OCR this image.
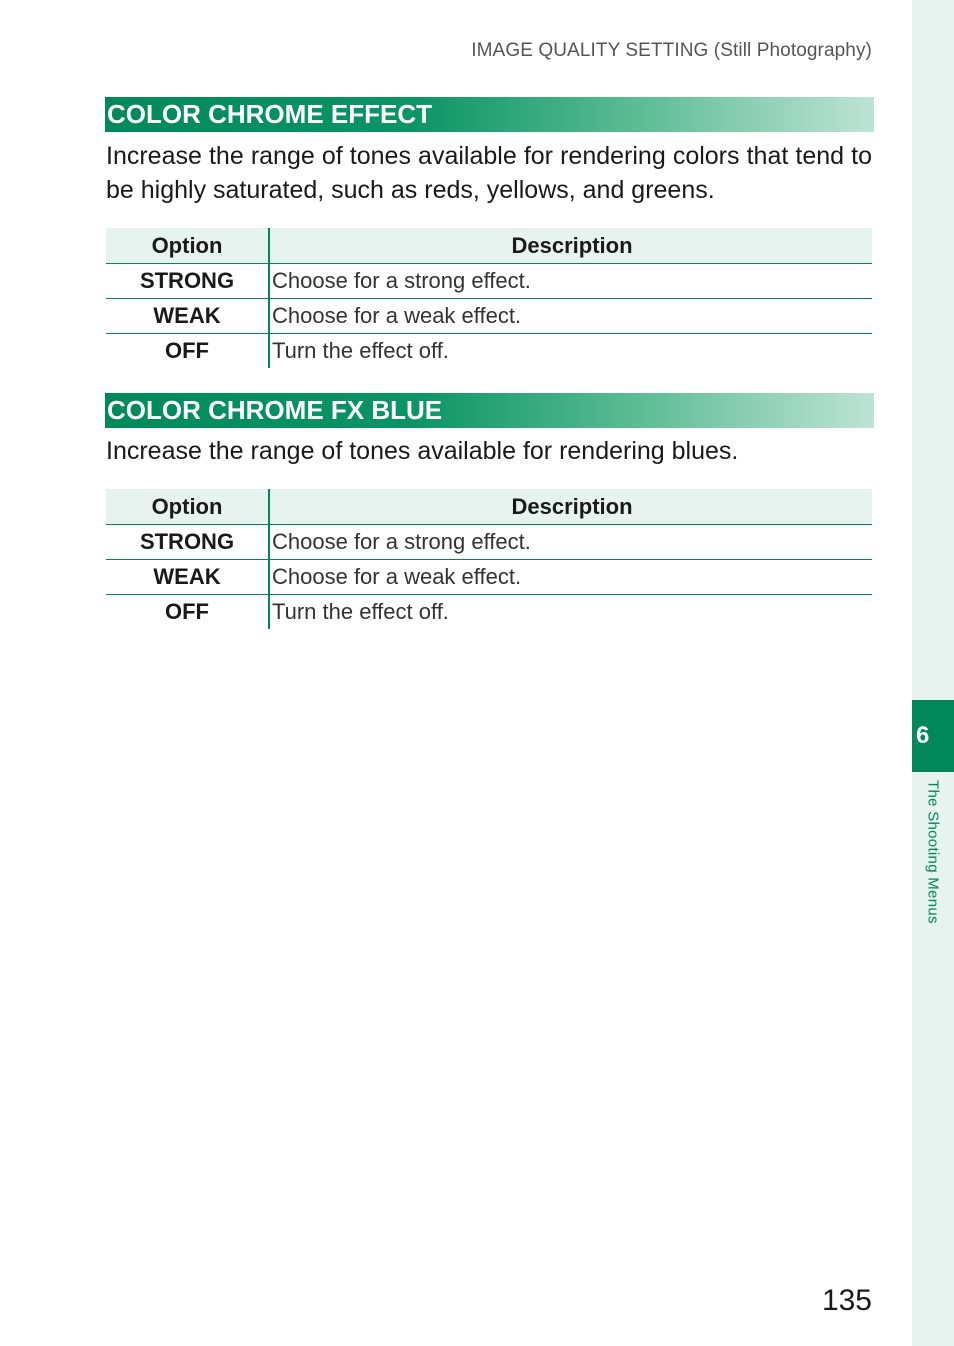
6
The Shooting Menus
IMAGE QUALITY SETTING (Still Photography)
COLOR CHROME EFFECT
Increase the range of tones available for rendering colors that tend to be highly saturated, such as reds, yellows, and greens.
Option	Description
STRONG	Choose for a strong effect.
WEAK	Choose for a weak effect.
OFF	Turn the effect off.
COLOR CHROME FX BLUE
Increase the range of tones available for rendering blues.
Option	Description
STRONG	Choose for a strong effect.
WEAK	Choose for a weak effect.
OFF	Turn the effect off.
135
